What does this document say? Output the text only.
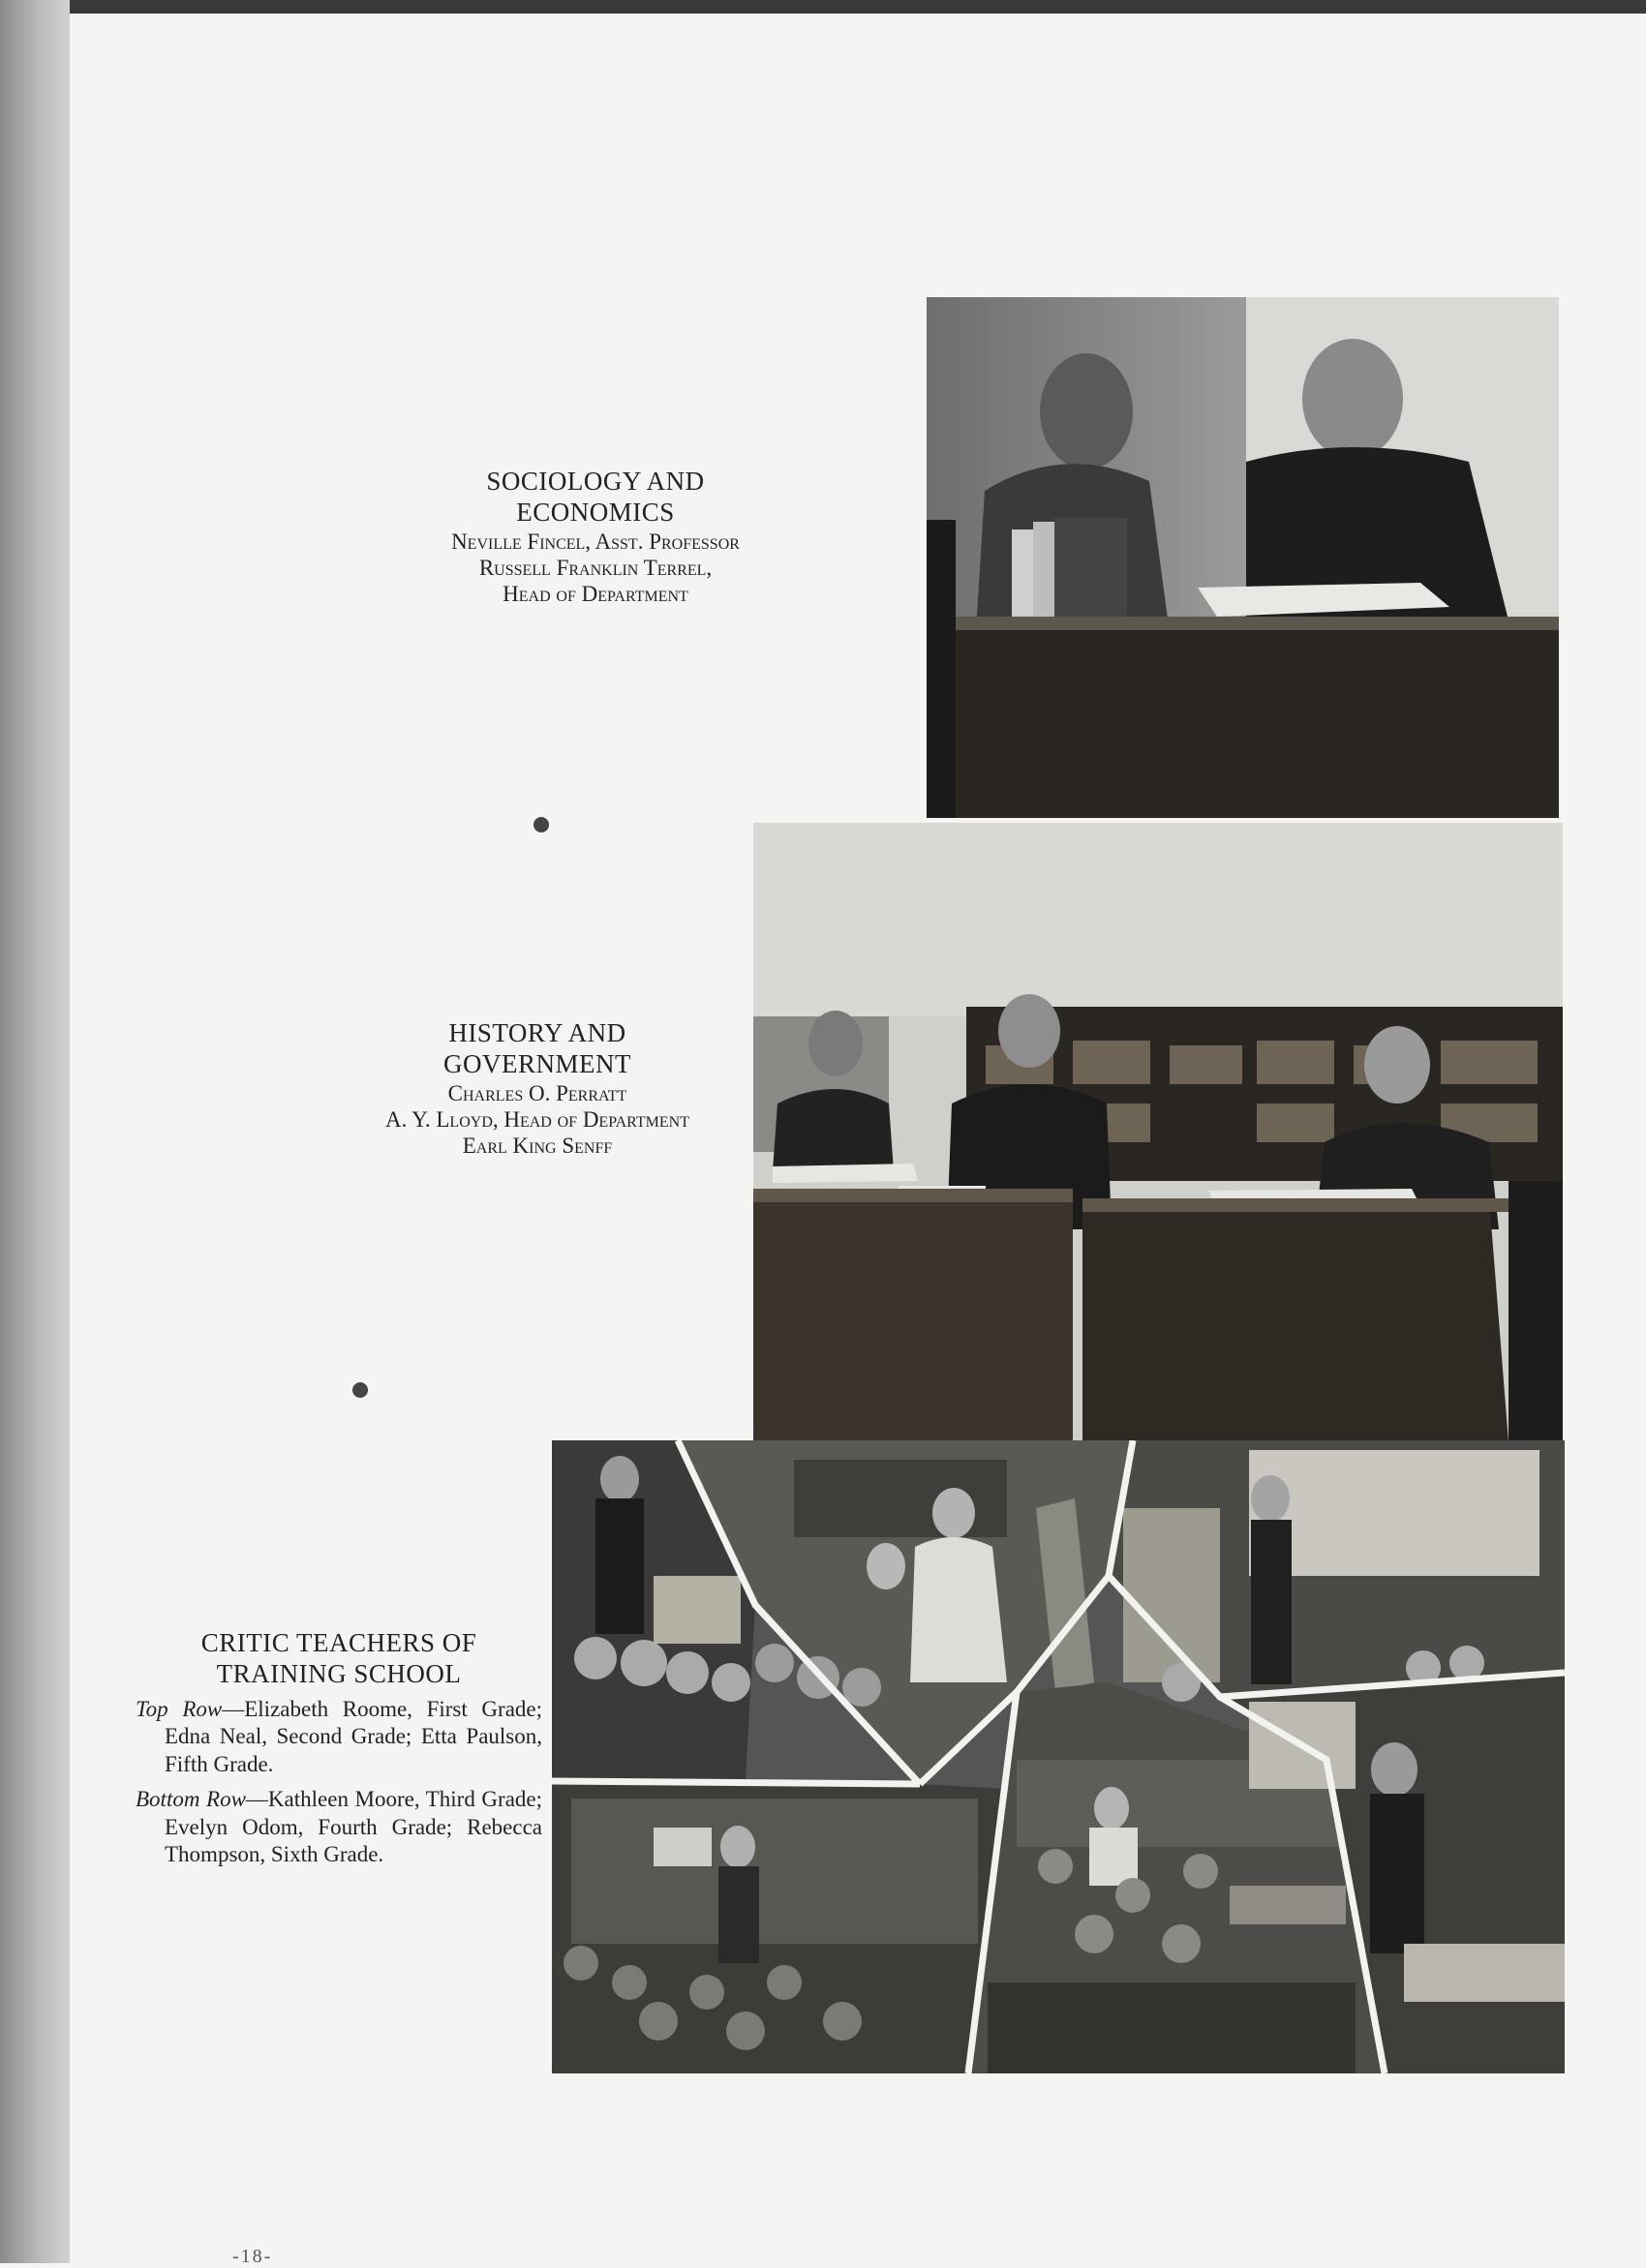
SOCIOLOGY AND
ECONOMICS
Neville Fincel, Asst. Professor
Russell Franklin Terrel,
Head of Department
HISTORY AND
GOVERNMENT
Charles O. Perratt
A. Y. Lloyd, Head of Department
Earl King Senff
CRITIC TEACHERS OF
TRAINING SCHOOL

Top Row—Elizabeth Roome, First Grade; Edna Neal, Second Grade; Etta Paulson, Fifth Grade.

Bottom Row—Kathleen Moore, Third Grade; Evelyn Odom, Fourth Grade; Rebecca Thompson, Sixth Grade.

-18-
